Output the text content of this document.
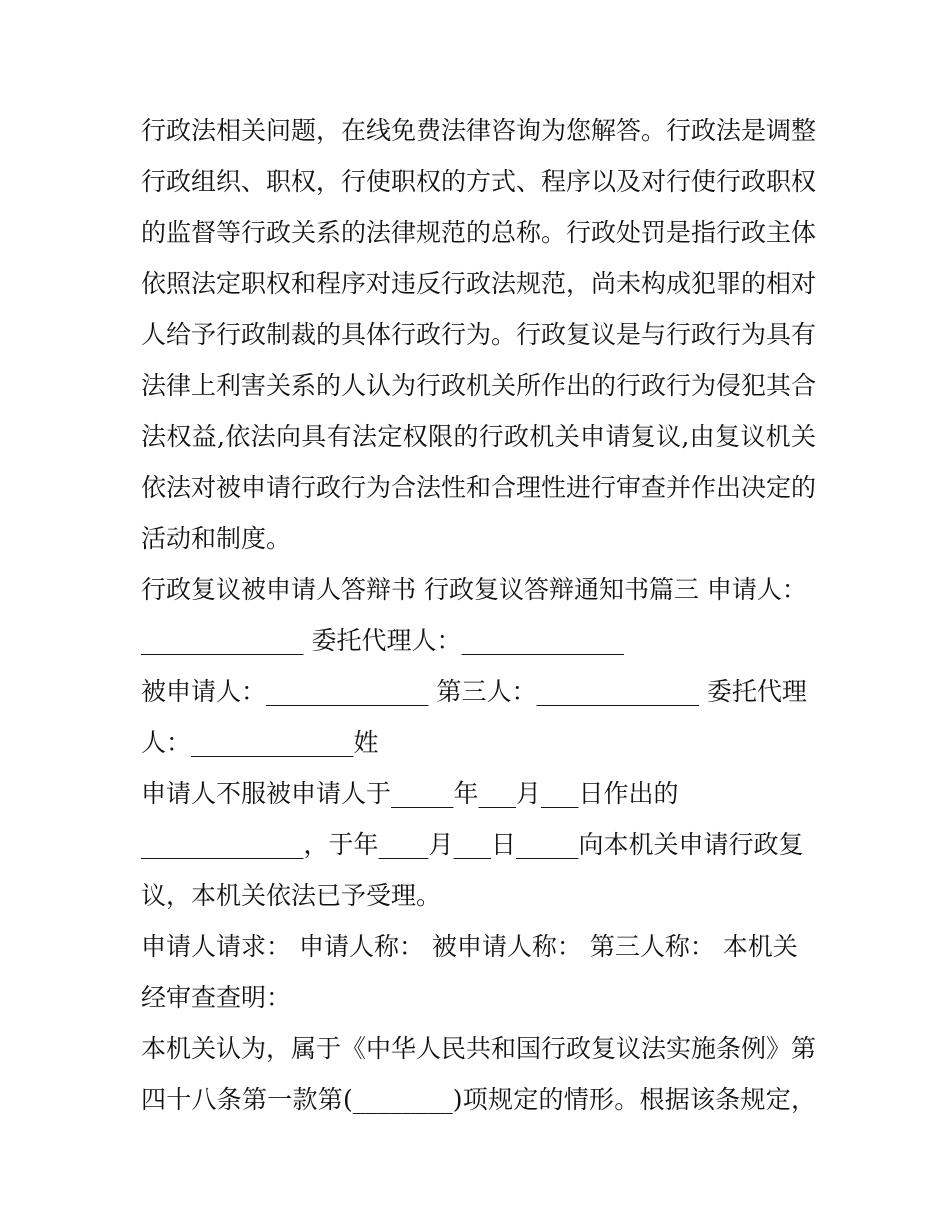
行政法相关问题，在线免费法律咨询为您解答。行政法是调整
行政组织、职权，行使职权的方式、程序以及对行使行政职权
的监督等行政关系的法律规范的总称。行政处罚是指行政主体
依照法定职权和程序对违反行政法规范，尚未构成犯罪的相对
人给予行政制裁的具体行政行为。行政复议是与行政行为具有
法律上利害关系的人认为行政机关所作出的行政行为侵犯其合
法权益,依法向具有法定权限的行政机关申请复议,由复议机关
依法对被申请行政行为合法性和合理性进行审查并作出决定的
活动和制度。
行政复议被申请人答辩书 行政复议答辩通知书篇三 申请人：
_____________ 委托代理人：_____________
被申请人：_____________ 第三人：_____________ 委托代理
人：_____________姓
申请人不服被申请人于_____年___月___日作出的
_____________，于年____月___日_____向本机关申请行政复
议，本机关依法已予受理。
申请人请求： 申请人称： 被申请人称： 第三人称： 本机关
经审查查明：
本机关认为，属于《中华人民共和国行政复议法实施条例》第
四十八条第一款第(________)项规定的情形。根据该条规定，
